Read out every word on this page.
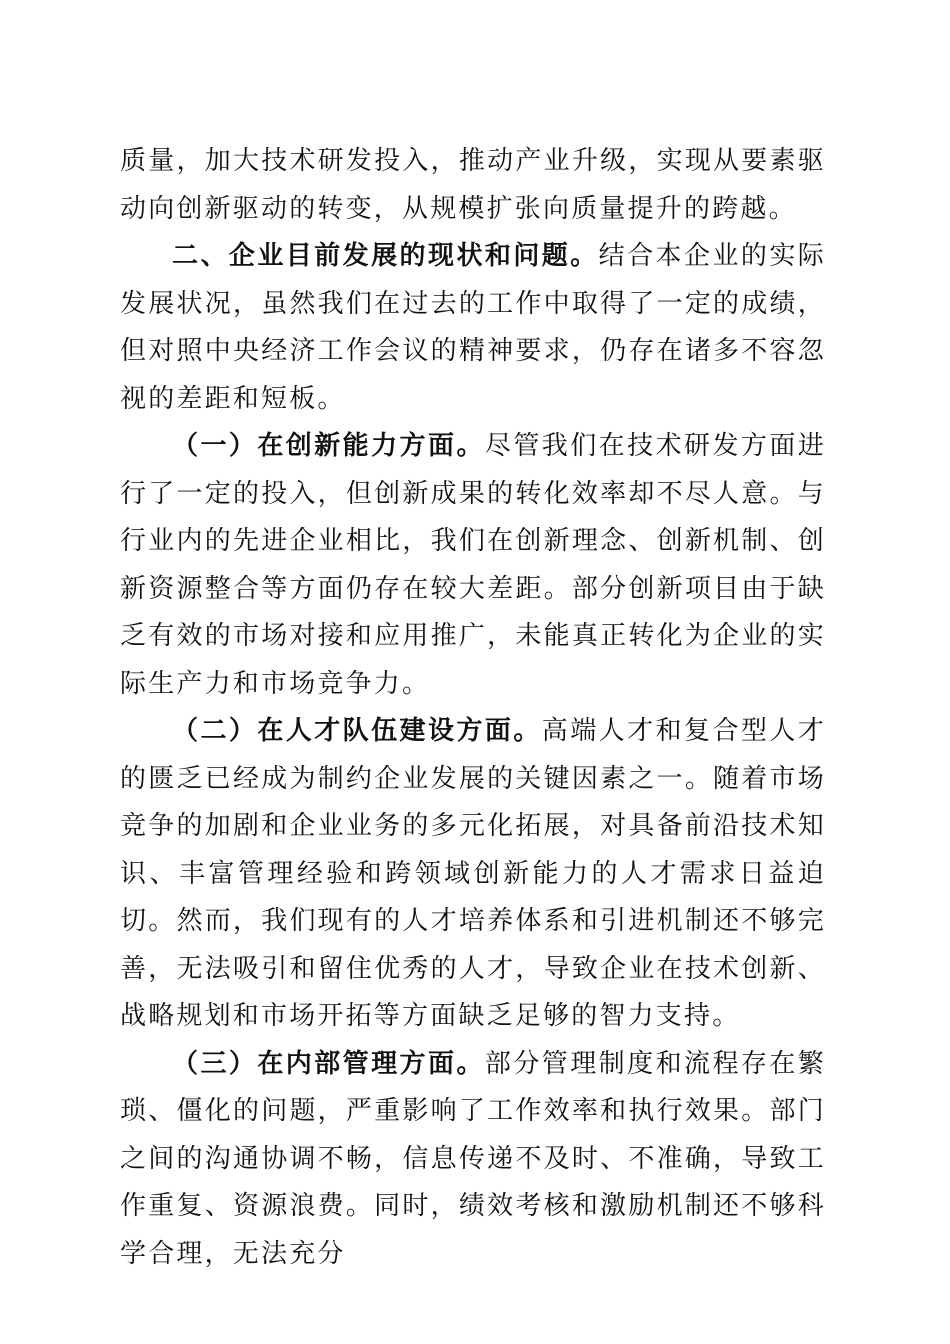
质量，加大技术研发投入，推动产业升级，实现从要素驱动向创新驱动的转变，从规模扩张向质量提升的跨越。

二、企业目前发展的现状和问题。结合本企业的实际发展状况，虽然我们在过去的工作中取得了一定的成绩，但对照中央经济工作会议的精神要求，仍存在诸多不容忽视的差距和短板。

（一）在创新能力方面。尽管我们在技术研发方面进行了一定的投入，但创新成果的转化效率却不尽人意。与行业内的先进企业相比，我们在创新理念、创新机制、创新资源整合等方面仍存在较大差距。部分创新项目由于缺乏有效的市场对接和应用推广，未能真正转化为企业的实际生产力和市场竞争力。

（二）在人才队伍建设方面。高端人才和复合型人才的匮乏已经成为制约企业发展的关键因素之一。随着市场竞争的加剧和企业业务的多元化拓展，对具备前沿技术知识、丰富管理经验和跨领域创新能力的人才需求日益迫切。然而，我们现有的人才培养体系和引进机制还不够完善，无法吸引和留住优秀的人才，导致企业在技术创新、战略规划和市场开拓等方面缺乏足够的智力支持。

（三）在内部管理方面。部分管理制度和流程存在繁琐、僵化的问题，严重影响了工作效率和执行效果。部门之间的沟通协调不畅，信息传递不及时、不准确，导致工作重复、资源浪费。同时，绩效考核和激励机制还不够科学合理，无法充分
